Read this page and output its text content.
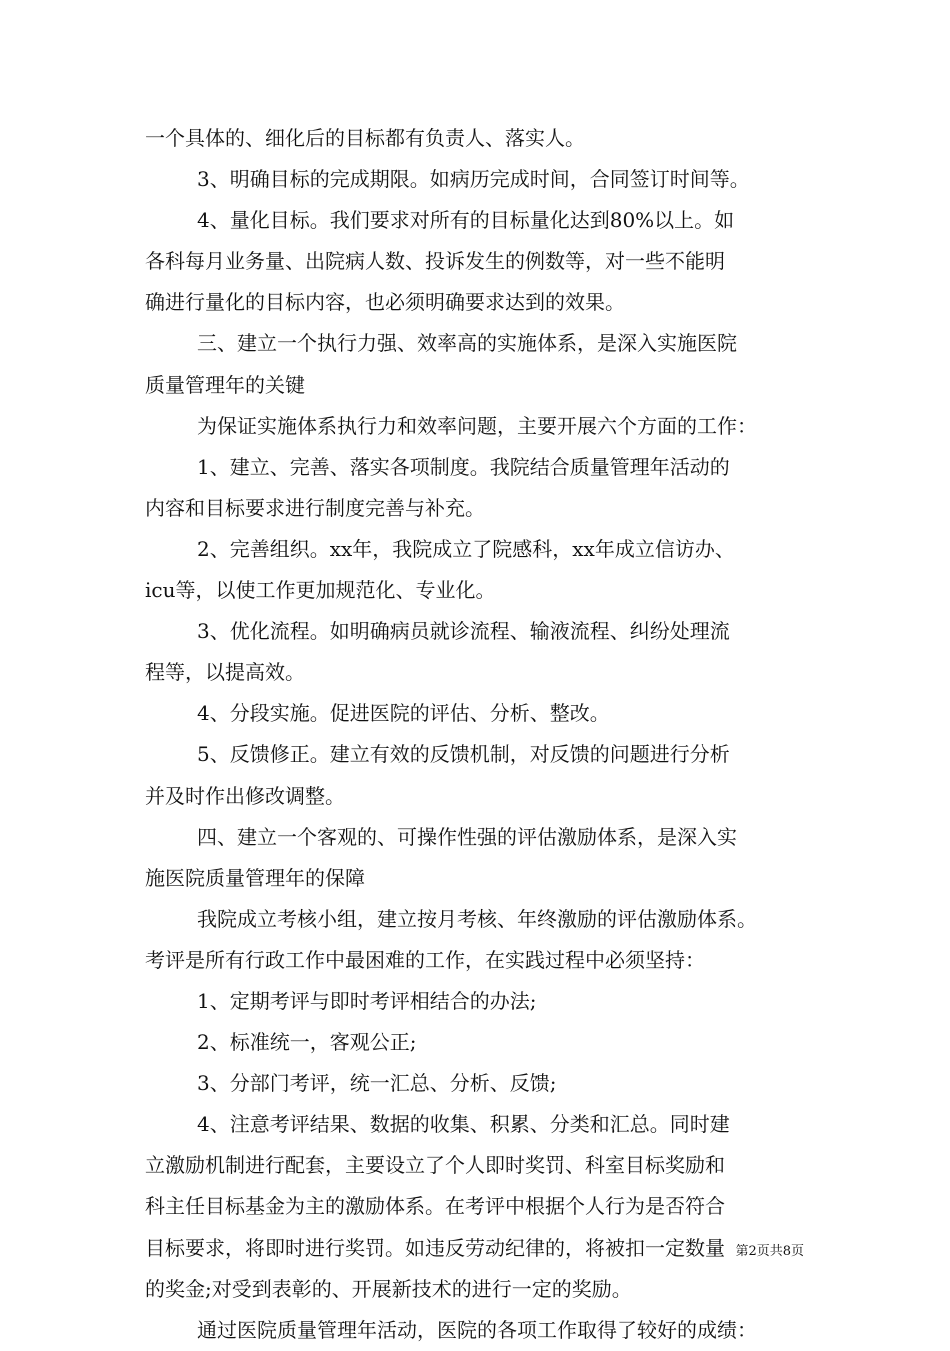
一个具体的、细化后的目标都有负责人、落实人。
3、明确目标的完成期限。如病历完成时间，合同签订时间等。
4、量化目标。我们要求对所有的目标量化达到80%以上。如
各科每月业务量、出院病人数、投诉发生的例数等，对一些不能明
确进行量化的目标内容，也必须明确要求达到的效果。
三、建立一个执行力强、效率高的实施体系，是深入实施医院
质量管理年的关键
为保证实施体系执行力和效率问题，主要开展六个方面的工作：
1、建立、完善、落实各项制度。我院结合质量管理年活动的
内容和目标要求进行制度完善与补充。
2、完善组织。xx年，我院成立了院感科，xx年成立信访办、
icu等，以使工作更加规范化、专业化。
3、优化流程。如明确病员就诊流程、输液流程、纠纷处理流
程等，以提高效。
4、分段实施。促进医院的评估、分析、整改。
5、反馈修正。建立有效的反馈机制，对反馈的问题进行分析
并及时作出修改调整。
四、建立一个客观的、可操作性强的评估激励体系，是深入实
施医院质量管理年的保障
我院成立考核小组，建立按月考核、年终激励的评估激励体系。
考评是所有行政工作中最困难的工作，在实践过程中必须坚持：
1、定期考评与即时考评相结合的办法;
2、标准统一，客观公正;
3、分部门考评，统一汇总、分析、反馈;
4、注意考评结果、数据的收集、积累、分类和汇总。同时建
立激励机制进行配套，主要设立了个人即时奖罚、科室目标奖励和
科主任目标基金为主的激励体系。在考评中根据个人行为是否符合
目标要求，将即时进行奖罚。如违反劳动纪律的，将被扣一定数量
的奖金;对受到表彰的、开展新技术的进行一定的奖励。
通过医院质量管理年活动，医院的各项工作取得了较好的成绩：
第2页共8页
